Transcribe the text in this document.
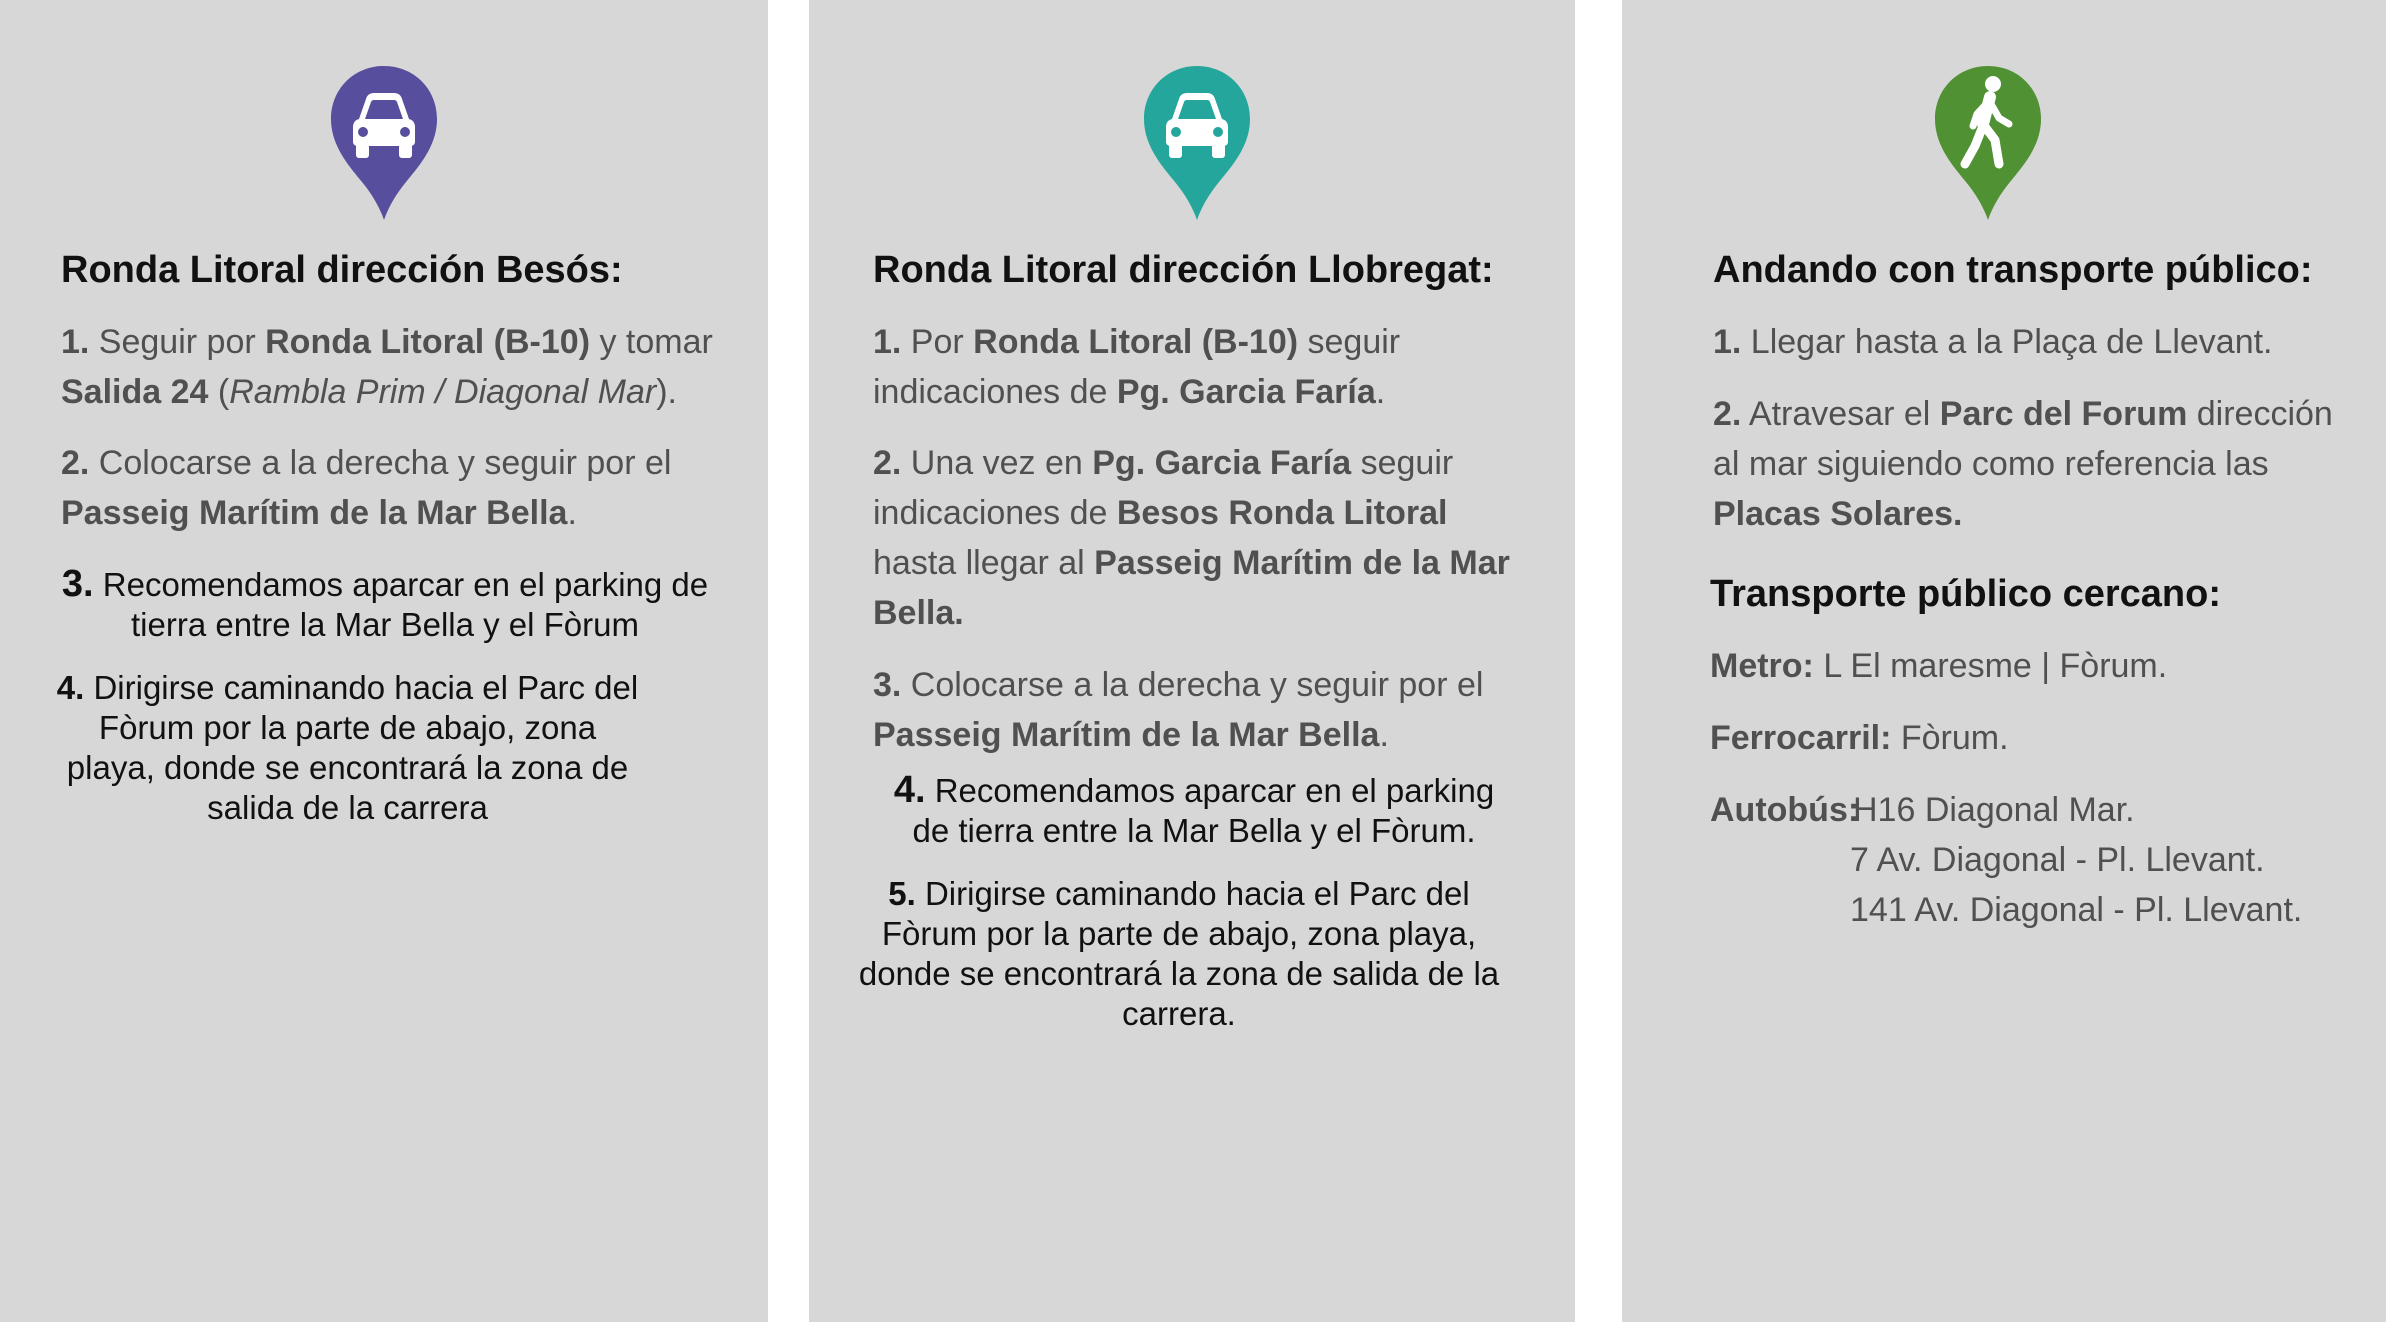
Ronda Litoral dirección Besós:

1. Seguir por Ronda Litoral (B-10) y tomar
Salida 24 (Rambla Prim / Diagonal Mar).

2. Colocarse a la derecha y seguir por el
Passeig Marítim de la Mar Bella.

3. Recomendamos aparcar en el parking de
tierra entre la Mar Bella y el Fòrum

4. Dirigirse caminando hacia el Parc del
Fòrum por la parte de abajo, zona
playa, donde se encontrará la zona de
salida de la carrera

Ronda Litoral dirección Llobregat:

1. Por Ronda Litoral (B-10) seguir
indicaciones de Pg. Garcia Faría.

2. Una vez en Pg. Garcia Faría seguir
indicaciones de Besos Ronda Litoral
hasta llegar al Passeig Marítim de la Mar
Bella.

3. Colocarse a la derecha y seguir por el
Passeig Marítim de la Mar Bella.

4. Recomendamos aparcar en el parking
de tierra entre la Mar Bella y el Fòrum.

5. Dirigirse caminando hacia el Parc del
Fòrum por la parte de abajo, zona playa,
donde se encontrará la zona de salida de la
carrera.

Andando con transporte público:

1. Llegar hasta a la Plaça de Llevant.

2. Atravesar el Parc del Forum dirección
al mar siguiendo como referencia las
Placas Solares.

Transporte público cercano:

Metro: L El maresme | Fòrum.

Ferrocarril: Fòrum.

Autobús:

H16 Diagonal Mar.

7 Av. Diagonal - Pl. Llevant.

141 Av. Diagonal - Pl. Llevant.
